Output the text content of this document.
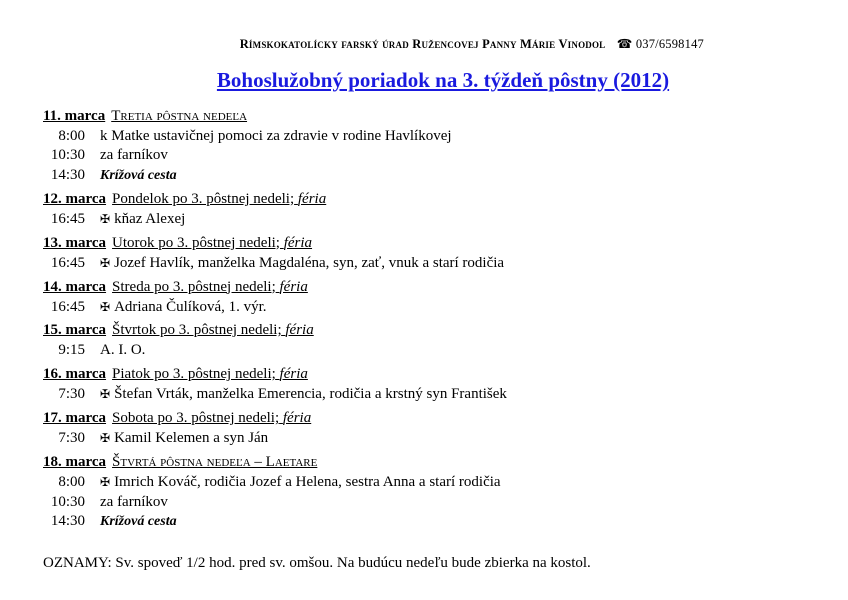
Rímskokatolícky farský úrad Ružencovej Panny Márie Vinodol ☎ 037/6598147
Bohoslužobný poriadok na 3. týždeň pôstny (2012)
11. marca Tretia pôstna nedeľa
8:00 k Matke ustavičnej pomoci za zdravie v rodine Havlíkovej
10:30 za farníkov
14:30 Krížová cesta
12. marca Pondelok po 3. pôstnej nedeli; féria
16:45 ✠ kňaz Alexej
13. marca Utorok po 3. pôstnej nedeli; féria
16:45 ✠ Jozef Havlík, manželka Magdaléna, syn, zať, vnuk a starí rodičia
14. marca Streda po 3. pôstnej nedeli; féria
16:45 ✠ Adriana Čulíková, 1. výr.
15. marca Štvrtok po 3. pôstnej nedeli; féria
9:15 A. I. O.
16. marca Piatok po 3. pôstnej nedeli; féria
7:30 ✠ Štefan Vrták, manželka Emerencia, rodičia a krstný syn František
17. marca Sobota po 3. pôstnej nedeli; féria
7:30 ✠ Kamil Kelemen a syn Ján
18. marca Štvrtá pôstna nedeľa – Laetare
8:00 ✠ Imrich Kováč, rodičia Jozef a Helena, sestra Anna a starí rodičia
10:30 za farníkov
14:30 Krížová cesta
OZNAMY: Sv. spoveď 1/2 hod. pred sv. omšou. Na budúcu nedeľu bude zbierka na kostol.
